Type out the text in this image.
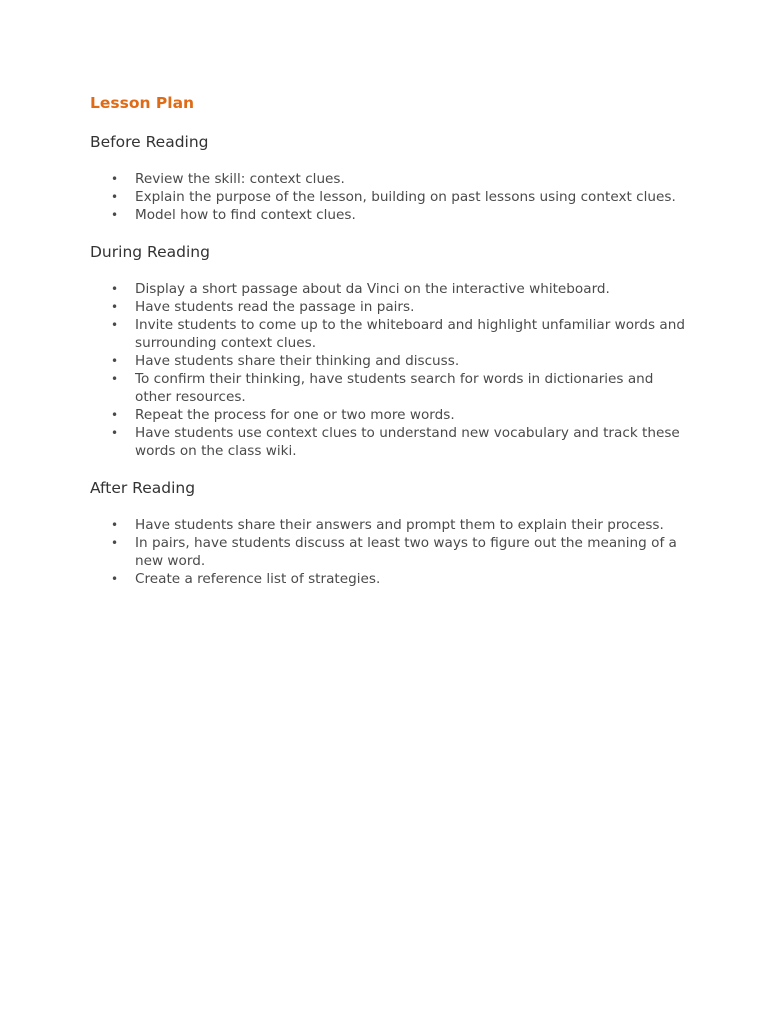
Lesson Plan
Before Reading
• Review the skill: context clues.
• Explain the purpose of the lesson, building on past lessons using context clues.
• Model how to find context clues.
During Reading
• Display a short passage about da Vinci on the interactive whiteboard.
• Have students read the passage in pairs.
• Invite students to come up to the whiteboard and highlight unfamiliar words and surrounding context clues.
• Have students share their thinking and discuss.
• To confirm their thinking, have students search for words in dictionaries and other resources.
• Repeat the process for one or two more words.
• Have students use context clues to understand new vocabulary and track these words on the class wiki.
After Reading
• Have students share their answers and prompt them to explain their process.
• In pairs, have students discuss at least two ways to figure out the meaning of a new word.
• Create a reference list of strategies.
